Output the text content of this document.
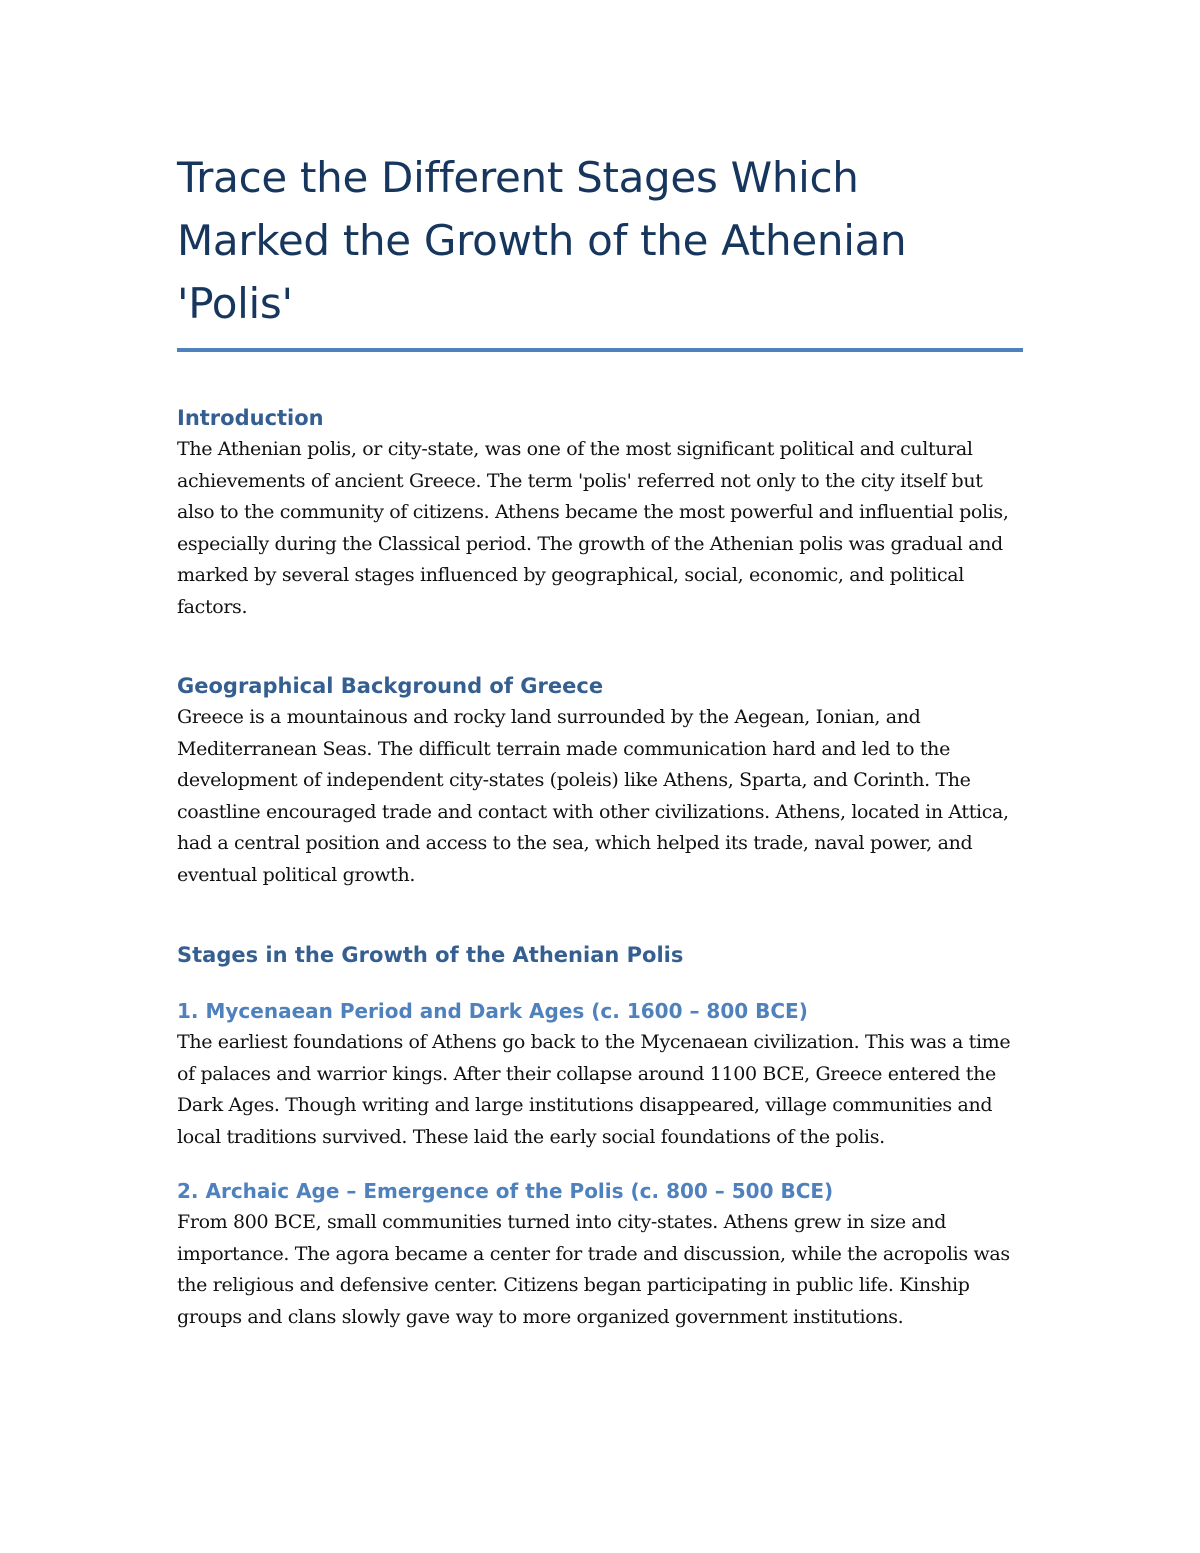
Trace the Different Stages Which Marked the Growth of the Athenian 'Polis'
Introduction

The Athenian polis, or city-state, was one of the most significant political and cultural achievements of ancient Greece. The term 'polis' referred not only to the city itself but also to the community of citizens. Athens became the most powerful and influential polis, especially during the Classical period. The growth of the Athenian polis was gradual and marked by several stages influenced by geographical, social, economic, and political factors.

Geographical Background of Greece

Greece is a mountainous and rocky land surrounded by the Aegean, Ionian, and Mediterranean Seas. The difficult terrain made communication hard and led to the development of independent city-states (poleis) like Athens, Sparta, and Corinth. The coastline encouraged trade and contact with other civilizations. Athens, located in Attica, had a central position and access to the sea, which helped its trade, naval power, and eventual political growth.

Stages in the Growth of the Athenian Polis
1. Mycenaean Period and Dark Ages (c. 1600 – 800 BCE)

The earliest foundations of Athens go back to the Mycenaean civilization. This was a time of palaces and warrior kings. After their collapse around 1100 BCE, Greece entered the Dark Ages. Though writing and large institutions disappeared, village communities and local traditions survived. These laid the early social foundations of the polis.

2. Archaic Age – Emergence of the Polis (c. 800 – 500 BCE)

From 800 BCE, small communities turned into city-states. Athens grew in size and importance. The agora became a center for trade and discussion, while the acropolis was the religious and defensive center. Citizens began participating in public life. Kinship groups and clans slowly gave way to more organized government institutions.
